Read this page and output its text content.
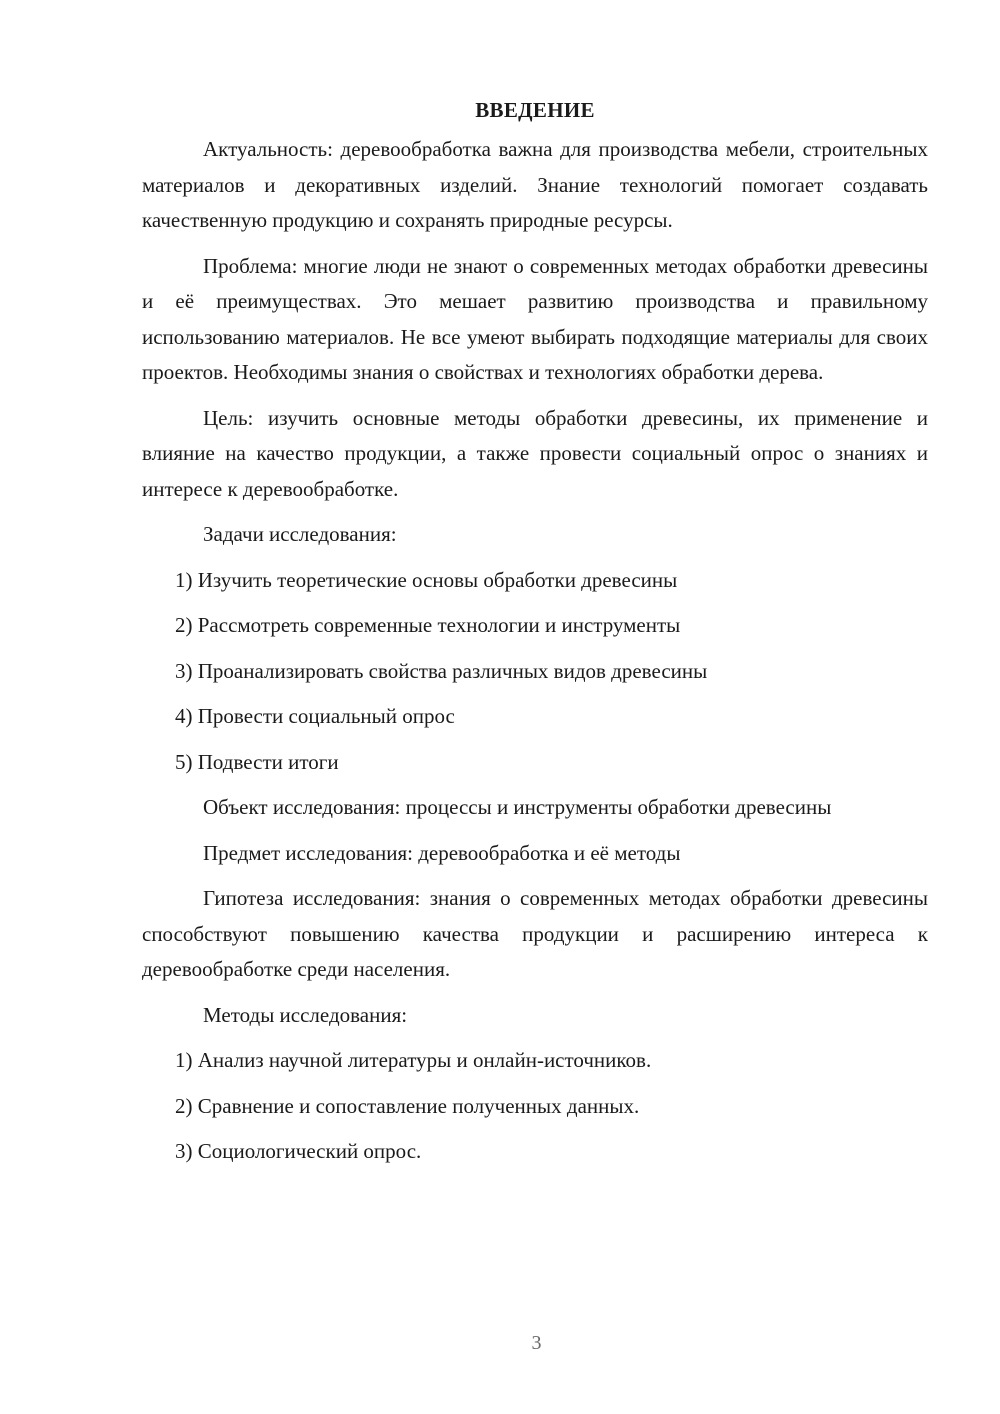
ВВЕДЕНИЕ

Актуальность: деревообработка важна для производства мебели, строительных материалов и декоративных изделий. Знание технологий помогает создавать качественную продукцию и сохранять природные ресурсы.

Проблема: многие люди не знают о современных методах обработки древесины и её преимуществах. Это мешает развитию производства и правильному использованию материалов. Не все умеют выбирать подходящие материалы для своих проектов. Необходимы знания о свойствах и технологиях обработки дерева.

Цель: изучить основные методы обработки древесины, их применение и влияние на качество продукции, а также провести социальный опрос о знаниях и интересе к деревообработке.

Задачи исследования:

1) Изучить теоретические основы обработки древесины

2) Рассмотреть современные технологии и инструменты

3) Проанализировать свойства различных видов древесины

4) Провести социальный опрос

5) Подвести итоги

Объект исследования: процессы и инструменты обработки древесины

Предмет исследования: деревообработка и её методы

Гипотеза исследования: знания о современных методах обработки древесины способствуют повышению качества продукции и расширению интереса к деревообработке среди населения.

Методы исследования:

1) Анализ научной литературы и онлайн-источников.

2) Сравнение и сопоставление полученных данных.

3) Социологический опрос.

3
